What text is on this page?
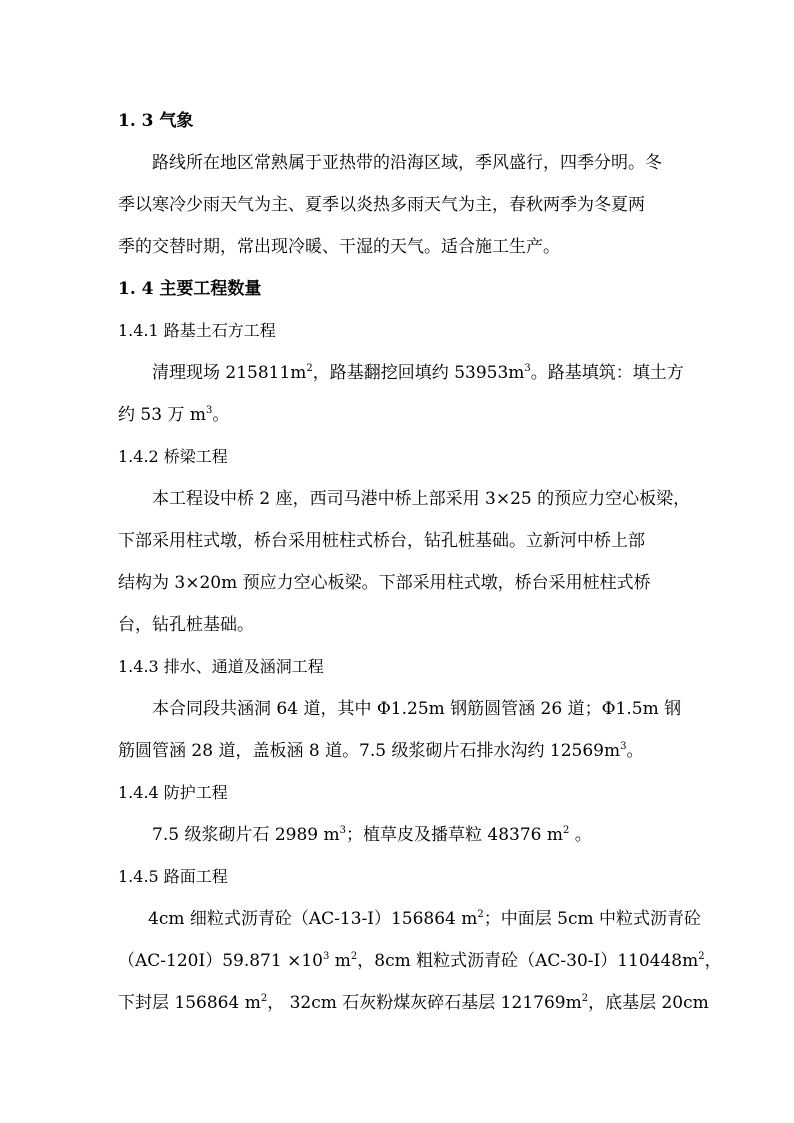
1. 3 气象
路线所在地区常熟属于亚热带的沿海区域，季风盛行，四季分明。冬
季以寒冷少雨天气为主、夏季以炎热多雨天气为主，春秋两季为冬夏两
季的交替时期，常出现冷暖、干湿的天气。适合施工生产。
1. 4 主要工程数量
1.4.1 路基土石方工程
清理现场 $215811m^2$，路基翻挖回填约 $53953m^3$。路基填筑：填土方
约 53 万 $m^3$。
1.4.2 桥梁工程
本工程设中桥 2 座，西司马港中桥上部采用 3×25 的预应力空心板梁，
下部采用柱式墩，桥台采用桩柱式桥台，钻孔桩基础。立新河中桥上部
结构为 3×20m 预应力空心板梁。下部采用柱式墩，桥台采用桩柱式桥
台，钻孔桩基础。
1.4.3 排水、通道及涵洞工程
本合同段共涵洞 64 道，其中 Φ1.25m 钢筋圆管涵 26 道；Φ1.5m 钢
筋圆管涵 28 道，盖板涵 8 道。7.5 级浆砌片石排水沟约 $12569m^3$。
1.4.4 防护工程
7.5 级浆砌片石 2989 $m^3$；植草皮及播草粒 48376 $m^2$ 。
1.4.5 路面工程
4cm 细粒式沥青砼（AC-13-I）156864 $m^2$；中面层 5cm 中粒式沥青砼
$(AC-120I)59.871 \times 10^3$ $m^2$，8cm 粗粒式沥青砼$(AC-30-I)110448m^2$，
下封层 156864 $m^2$， 32cm 石灰粉煤灰碎石基层 $121769m^2$，底基层 20cm
